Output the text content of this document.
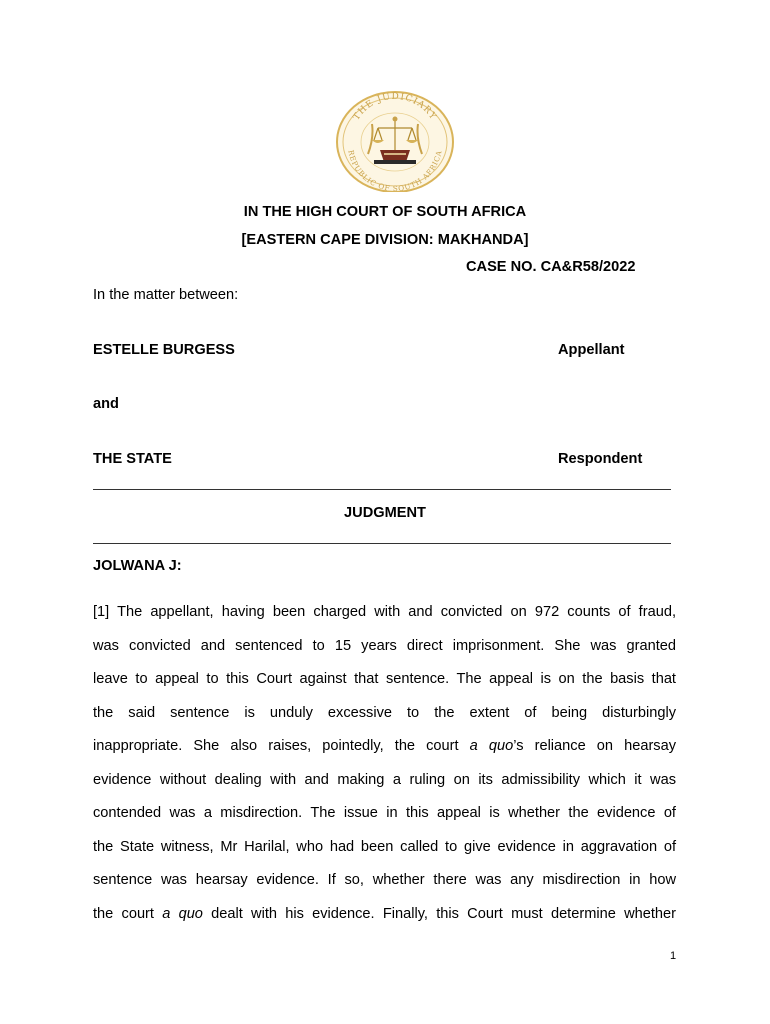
THE JUDICIARY
REPUBLIC OF SOUTH AFRICA
IN THE HIGH COURT OF SOUTH AFRICA
[EASTERN CAPE DIVISION: MAKHANDA]
CASE NO. CA&R58/2022
In the matter between:
ESTELLE BURGESS	Appellant
and
THE STATE	Respondent
JUDGMENT
JOLWANA J:
[1] The appellant, having been charged with and convicted on 972 counts of fraud,
was convicted and sentenced to 15 years direct imprisonment. She was granted
leave to appeal to this Court against that sentence. The appeal is on the basis that
the said sentence is unduly excessive to the extent of being disturbingly
inappropriate. She also raises, pointedly, the court a quo’s reliance on hearsay
evidence without dealing with and making a ruling on its admissibility which it was
contended was a misdirection. The issue in this appeal is whether the evidence of
the State witness, Mr Harilal, who had been called to give evidence in aggravation of
sentence was hearsay evidence. If so, whether there was any misdirection in how
the court a quo dealt with his evidence. Finally, this Court must determine whether
1
